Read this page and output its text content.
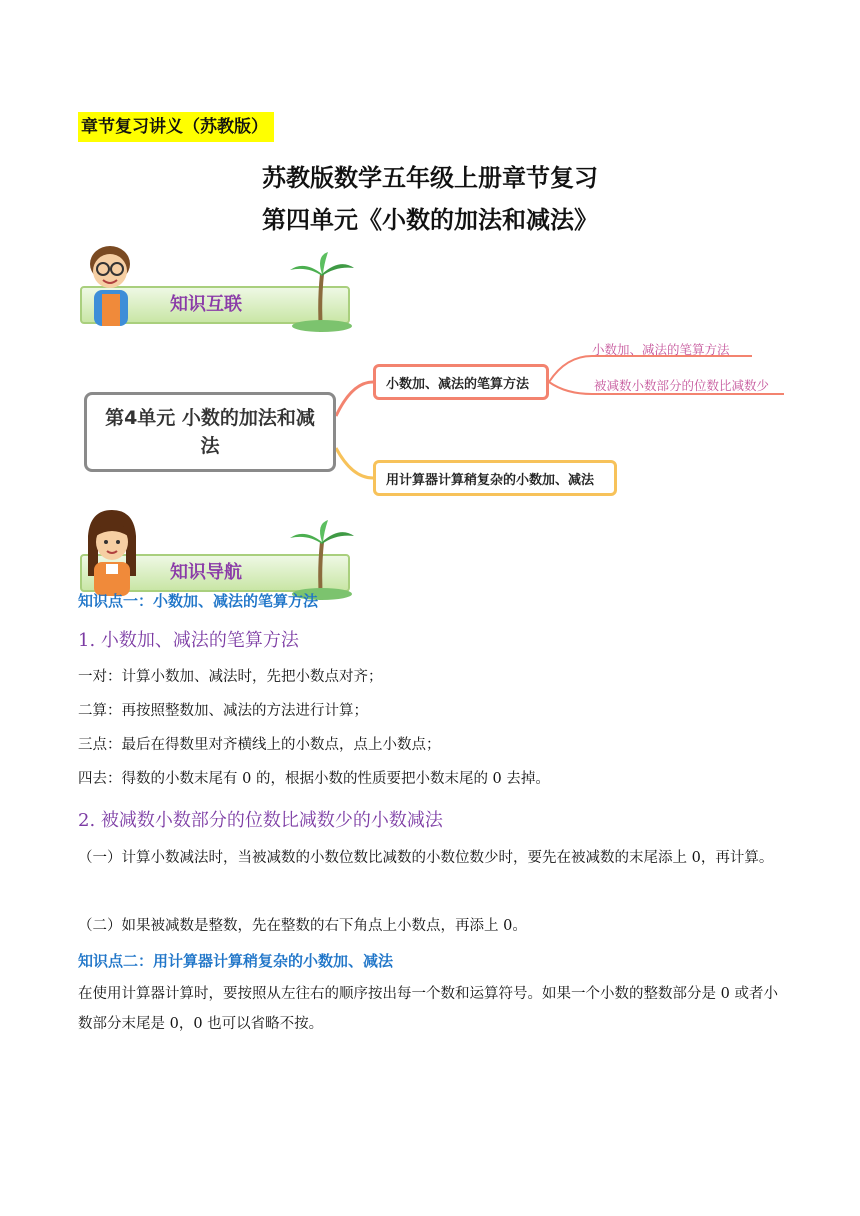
章节复习讲义（苏教版）
苏教版数学五年级上册章节复习
第四单元《小数的加法和减法》
知识互联
第4单元 小数的加法和减法
小数加、减法的笔算方法
用计算器计算稍复杂的小数加、减法
小数加、减法的笔算方法
被减数小数部分的位数比减数少
知识导航
知识点一：小数加、减法的笔算方法
1. 小数加、减法的笔算方法
一对：计算小数加、减法时，先把小数点对齐；
二算：再按照整数加、减法的方法进行计算；
三点：最后在得数里对齐横线上的小数点，点上小数点；
四去：得数的小数末尾有 0 的，根据小数的性质要把小数末尾的 0 去掉。
2. 被减数小数部分的位数比减数少的小数减法
（一）计算小数减法时，当被减数的小数位数比减数的小数位数少时，要先在被减数的末尾添上 0，再计算。
（二）如果被减数是整数，先在整数的右下角点上小数点，再添上 0。
知识点二：用计算器计算稍复杂的小数加、减法
在使用计算器计算时，要按照从左往右的顺序按出每一个数和运算符号。如果一个小数的整数部分是 0 或者小数部分末尾是 0，0 也可以省略不按。
